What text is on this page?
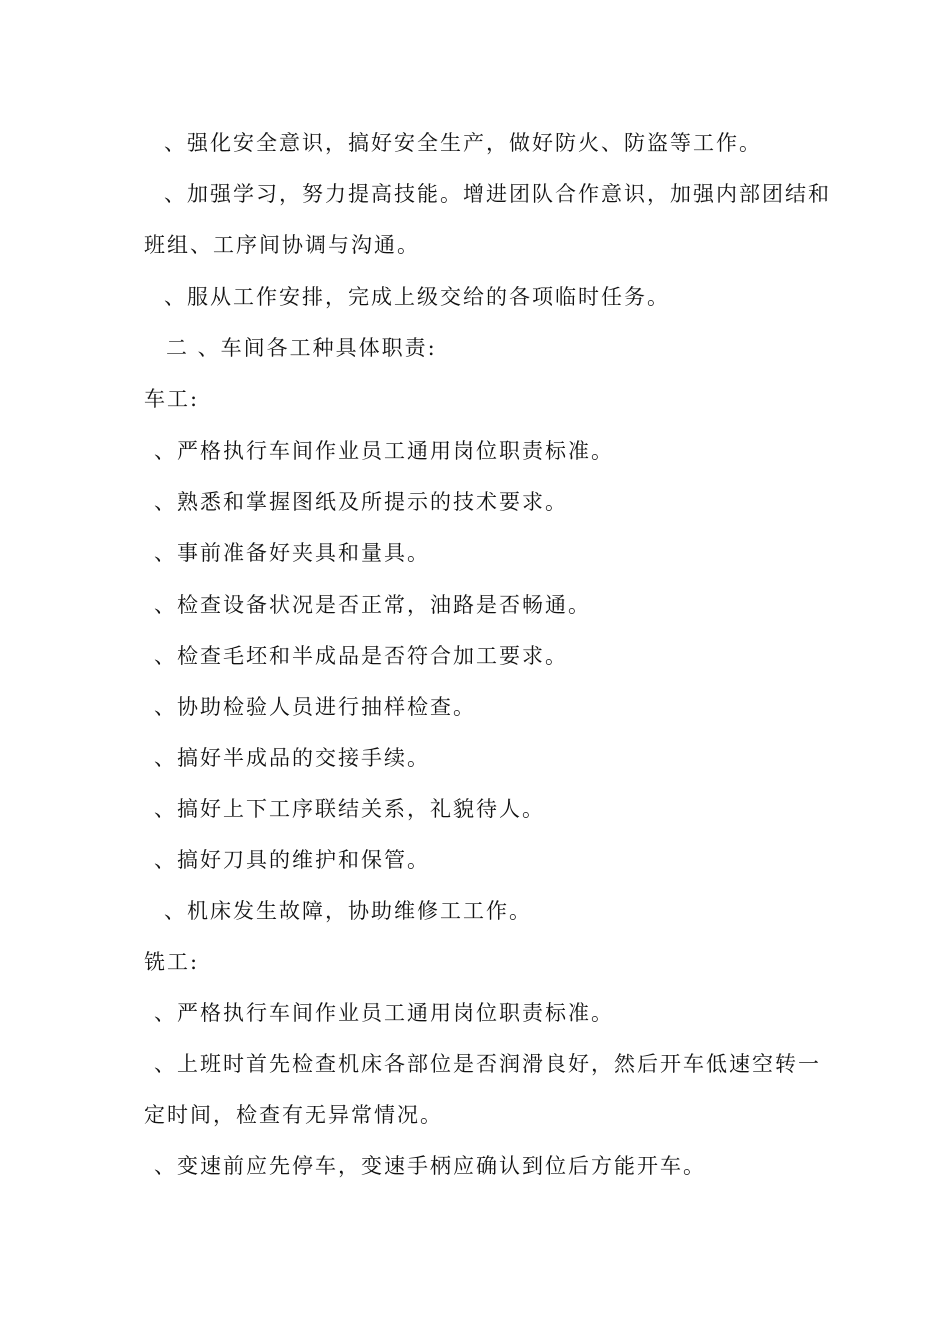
、强化安全意识，搞好安全生产，做好防火、防盗等工作。
、加强学习，努力提高技能。增进团队合作意识，加强内部团结和
班组、工序间协调与沟通。
、服从工作安排，完成上级交给的各项临时任务。
二 、车间各工种具体职责:
车工:
、严格执行车间作业员工通用岗位职责标准。
、熟悉和掌握图纸及所提示的技术要求。
、事前准备好夹具和量具。
、检查设备状况是否正常，油路是否畅通。
、检查毛坯和半成品是否符合加工要求。
、协助检验人员进行抽样检查。
、搞好半成品的交接手续。
、搞好上下工序联结关系，礼貌待人。
、搞好刀具的维护和保管。
、机床发生故障，协助维修工工作。
铣工:
、严格执行车间作业员工通用岗位职责标准。
、上班时首先检查机床各部位是否润滑良好，然后开车低速空转一
定时间，检查有无异常情况。
、变速前应先停车，变速手柄应确认到位后方能开车。
